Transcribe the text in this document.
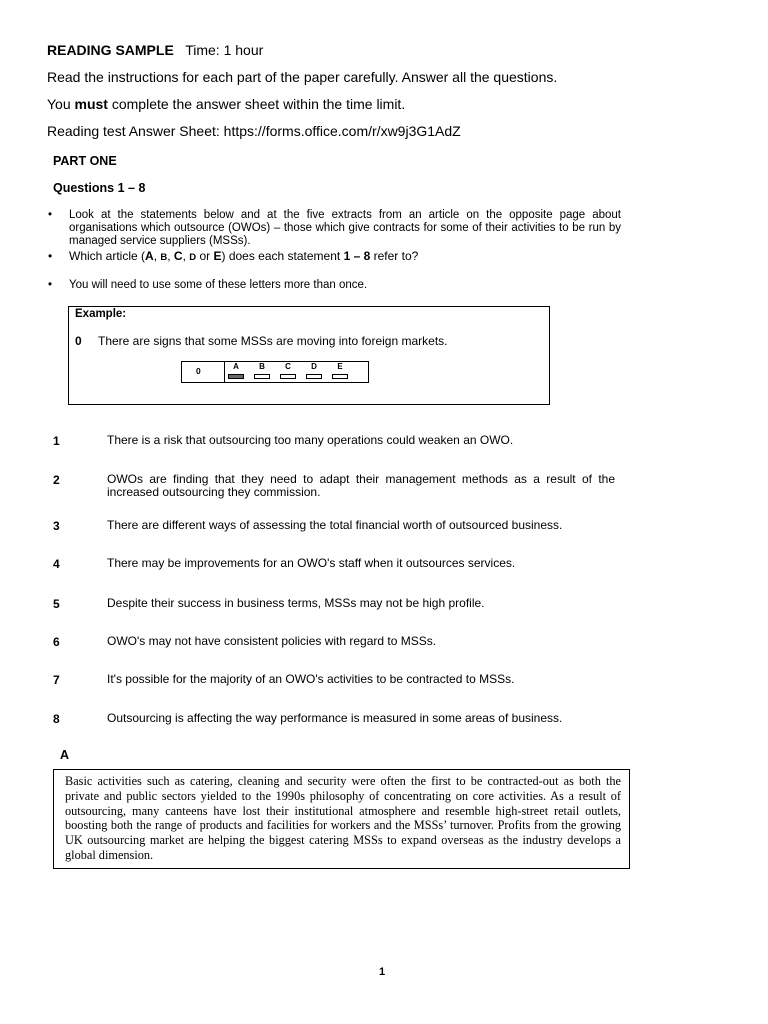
READING SAMPLE Time: 1 hour
Read the instructions for each part of the paper carefully. Answer all the questions.
You must complete the answer sheet within the time limit.
Reading test Answer Sheet: https://forms.office.com/r/xw9j3G1AdZ
PART ONE
Questions 1 – 8
• Look at the statements below and at the five extracts from an article on the opposite page about organisations which outsource (OWOs) – those which give contracts for some of their activities to be run by managed service suppliers (MSSs).
• Which article (A, B, C, D or E) does each statement 1 – 8 refer to?
• You will need to use some of these letters more than once.
Example:
0 There are signs that some MSSs are moving into foreign markets.
0	A	B	C	D	E
1	There is a risk that outsourcing too many operations could weaken an OWO.
2	OWOs are finding that they need to adapt their management methods as a result of the increased outsourcing they commission.
3	There are different ways of assessing the total financial worth of outsourced business.
4	There may be improvements for an OWO's staff when it outsources services.
5	Despite their success in business terms, MSSs may not be high profile.
6	OWO's may not have consistent policies with regard to MSSs.
7	It's possible for the majority of an OWO's activities to be contracted to MSSs.
8	Outsourcing is affecting the way performance is measured in some areas of business.
A
Basic activities such as catering, cleaning and security were often the first to be contracted-out as both the private and public sectors yielded to the 1990s philosophy of concentrating on core activities. As a result of outsourcing, many canteens have lost their institutional atmosphere and resemble high-street retail outlets, boosting both the range of products and facilities for workers and the MSSs’ turnover. Profits from the growing UK outsourcing market are helping the biggest catering MSSs to expand overseas as the industry develops a global dimension.
1
